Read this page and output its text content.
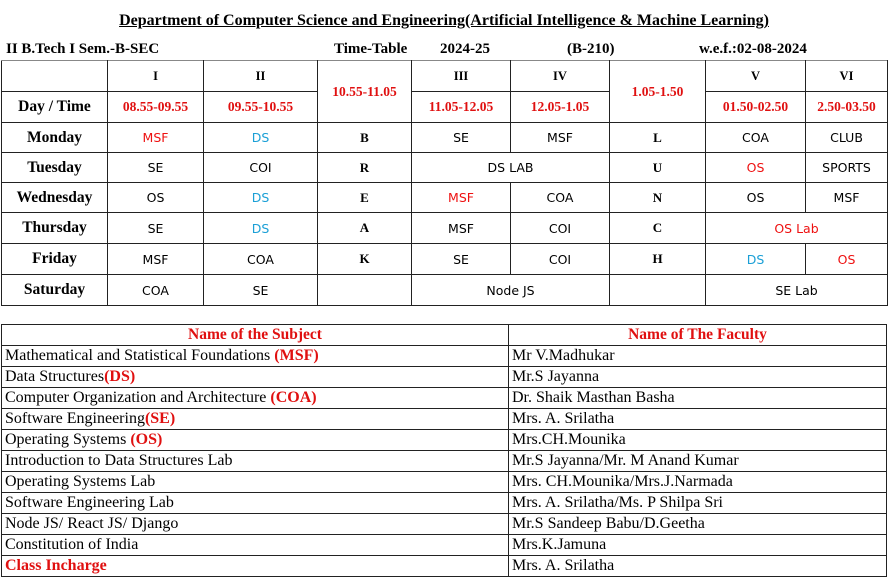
Department of Computer Science and Engineering(Artificial Intelligence & Machine Learning)
II B.Tech I Sem.-B-SEC	Time-Table 2024-25	(B-210)	w.e.f.:02-08-2024
	I	II	10.55-11.05	III	IV	1.05-1.50	V	VI
Day / Time	08.55-09.55	09.55-10.55		11.05-12.05	12.05-1.05		01.50-02.50	2.50-03.50
Monday	MSF	DS	B	SE	MSF	L	COA	CLUB
Tuesday	SE	COI	R	DS LAB		U	OS	SPORTS
Wednesday	OS	DS	E	MSF	COA	N	OS	MSF
Thursday	SE	DS	A	MSF	COI	C	OS Lab	
Friday	MSF	COA	K	SE	COI	H	DS	OS
Saturday	COA	SE		Node JS			SE Lab	
Name of the Subject	Name of The Faculty
Mathematical and Statistical Foundations (MSF)	Mr V.Madhukar
Data Structures(DS)	Mr.S Jayanna
Computer Organization and Architecture (COA)	Dr. Shaik Masthan Basha
Software Engineering(SE)	Mrs. A. Srilatha
Operating Systems (OS)	Mrs.CH.Mounika
Introduction to Data Structures Lab	Mr.S Jayanna/Mr. M Anand Kumar
Operating Systems Lab	Mrs. CH.Mounika/Mrs.J.Narmada
Software Engineering Lab	Mrs. A. Srilatha/Ms. P Shilpa Sri
Node JS/ React JS/ Django	Mr.S Sandeep Babu/D.Geetha
Constitution of India	Mrs.K.Jamuna
Class Incharge	Mrs. A. Srilatha
